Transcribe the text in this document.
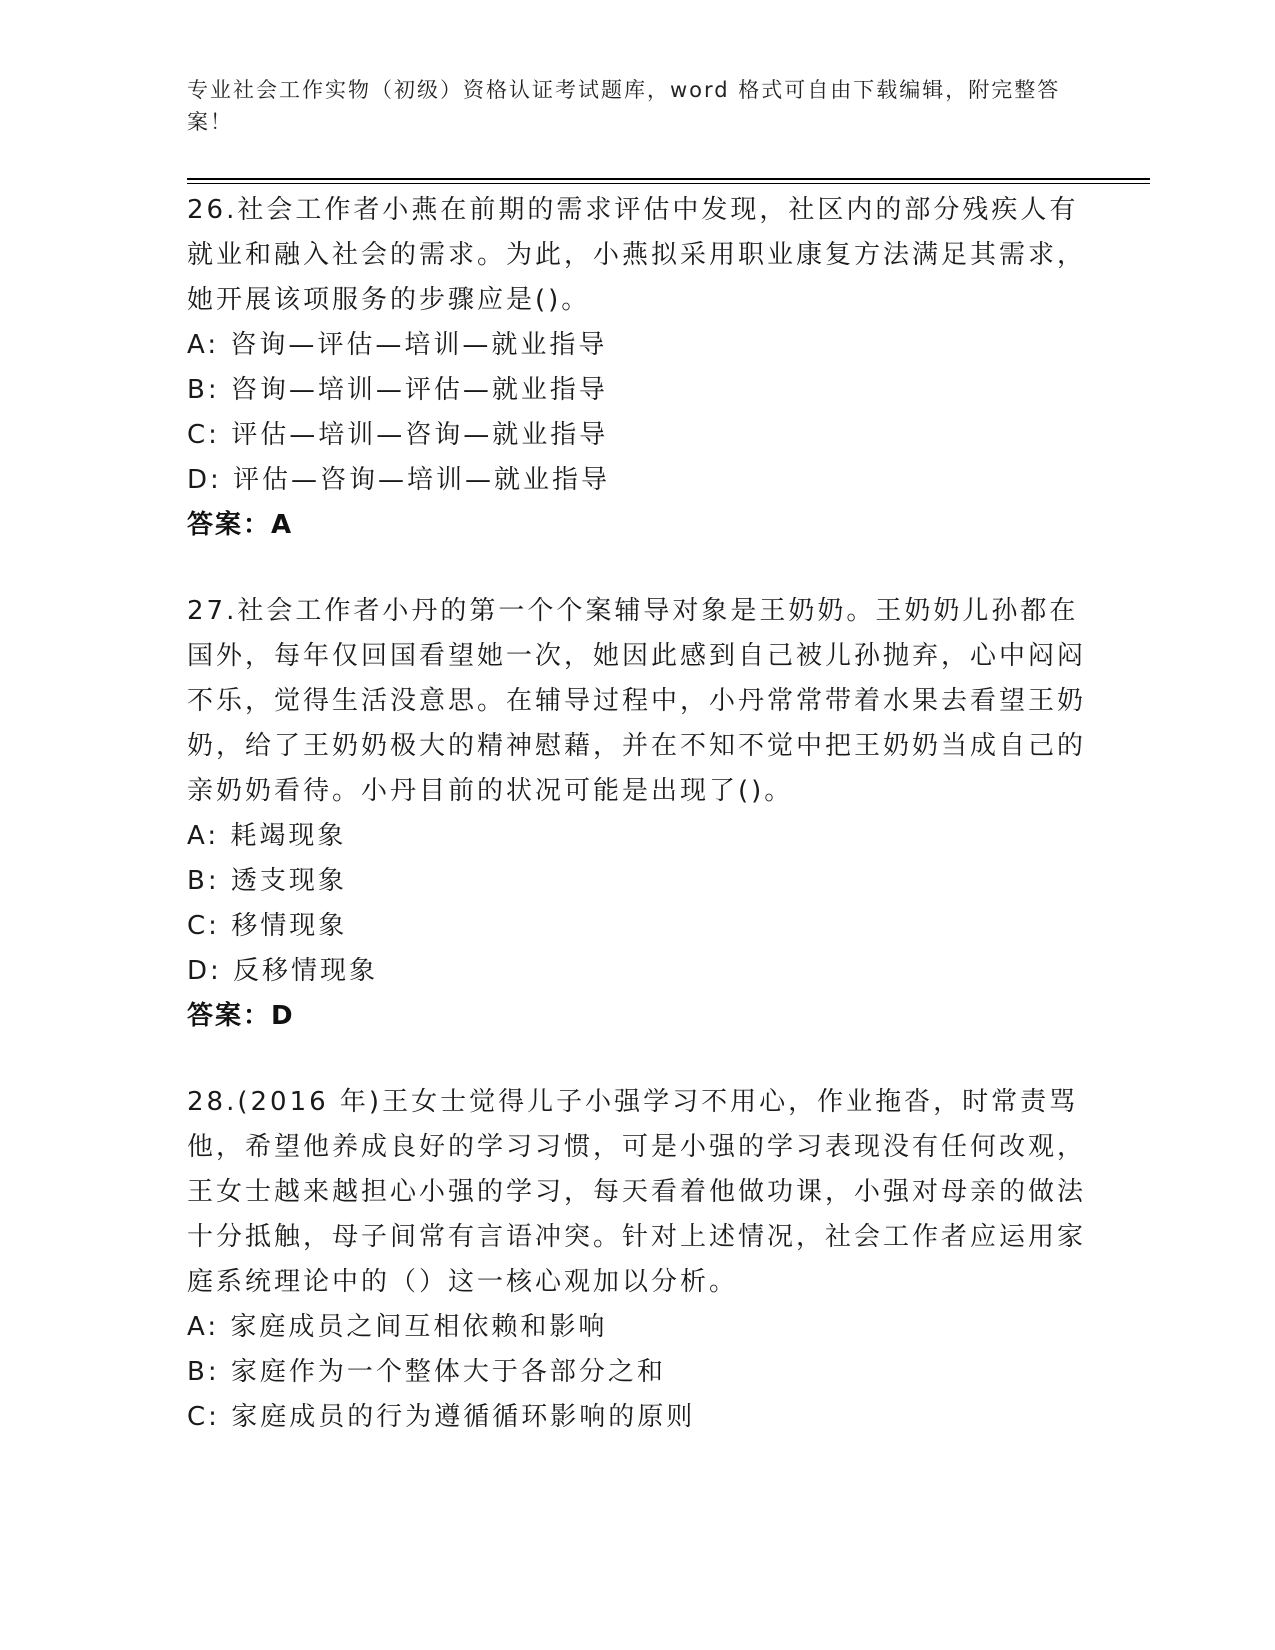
专业社会工作实物（初级）资格认证考试题库，word 格式可自由下载编辑，附完整答案！
26.社会工作者小燕在前期的需求评估中发现，社区内的部分残疾人有就业和融入社会的需求。为此，小燕拟采用职业康复方法满足其需求，她开展该项服务的步骤应是()。
A: 咨询—评估—培训—就业指导
B: 咨询—培训—评估—就业指导
C: 评估—培训—咨询—就业指导
D: 评估—咨询—培训—就业指导
答案：A
27.社会工作者小丹的第一个个案辅导对象是王奶奶。王奶奶儿孙都在国外，每年仅回国看望她一次，她因此感到自己被儿孙抛弃，心中闷闷不乐，觉得生活没意思。在辅导过程中，小丹常常带着水果去看望王奶奶，给了王奶奶极大的精神慰藉，并在不知不觉中把王奶奶当成自己的亲奶奶看待。小丹目前的状况可能是出现了()。
A: 耗竭现象
B: 透支现象
C: 移情现象
D: 反移情现象
答案：D
28.(2016 年)王女士觉得儿子小强学习不用心，作业拖沓，时常责骂他，希望他养成良好的学习习惯，可是小强的学习表现没有任何改观，王女士越来越担心小强的学习，每天看着他做功课，小强对母亲的做法十分抵触，母子间常有言语冲突。针对上述情况，社会工作者应运用家庭系统理论中的（）这一核心观加以分析。
A: 家庭成员之间互相依赖和影响
B: 家庭作为一个整体大于各部分之和
C: 家庭成员的行为遵循循环影响的原则
